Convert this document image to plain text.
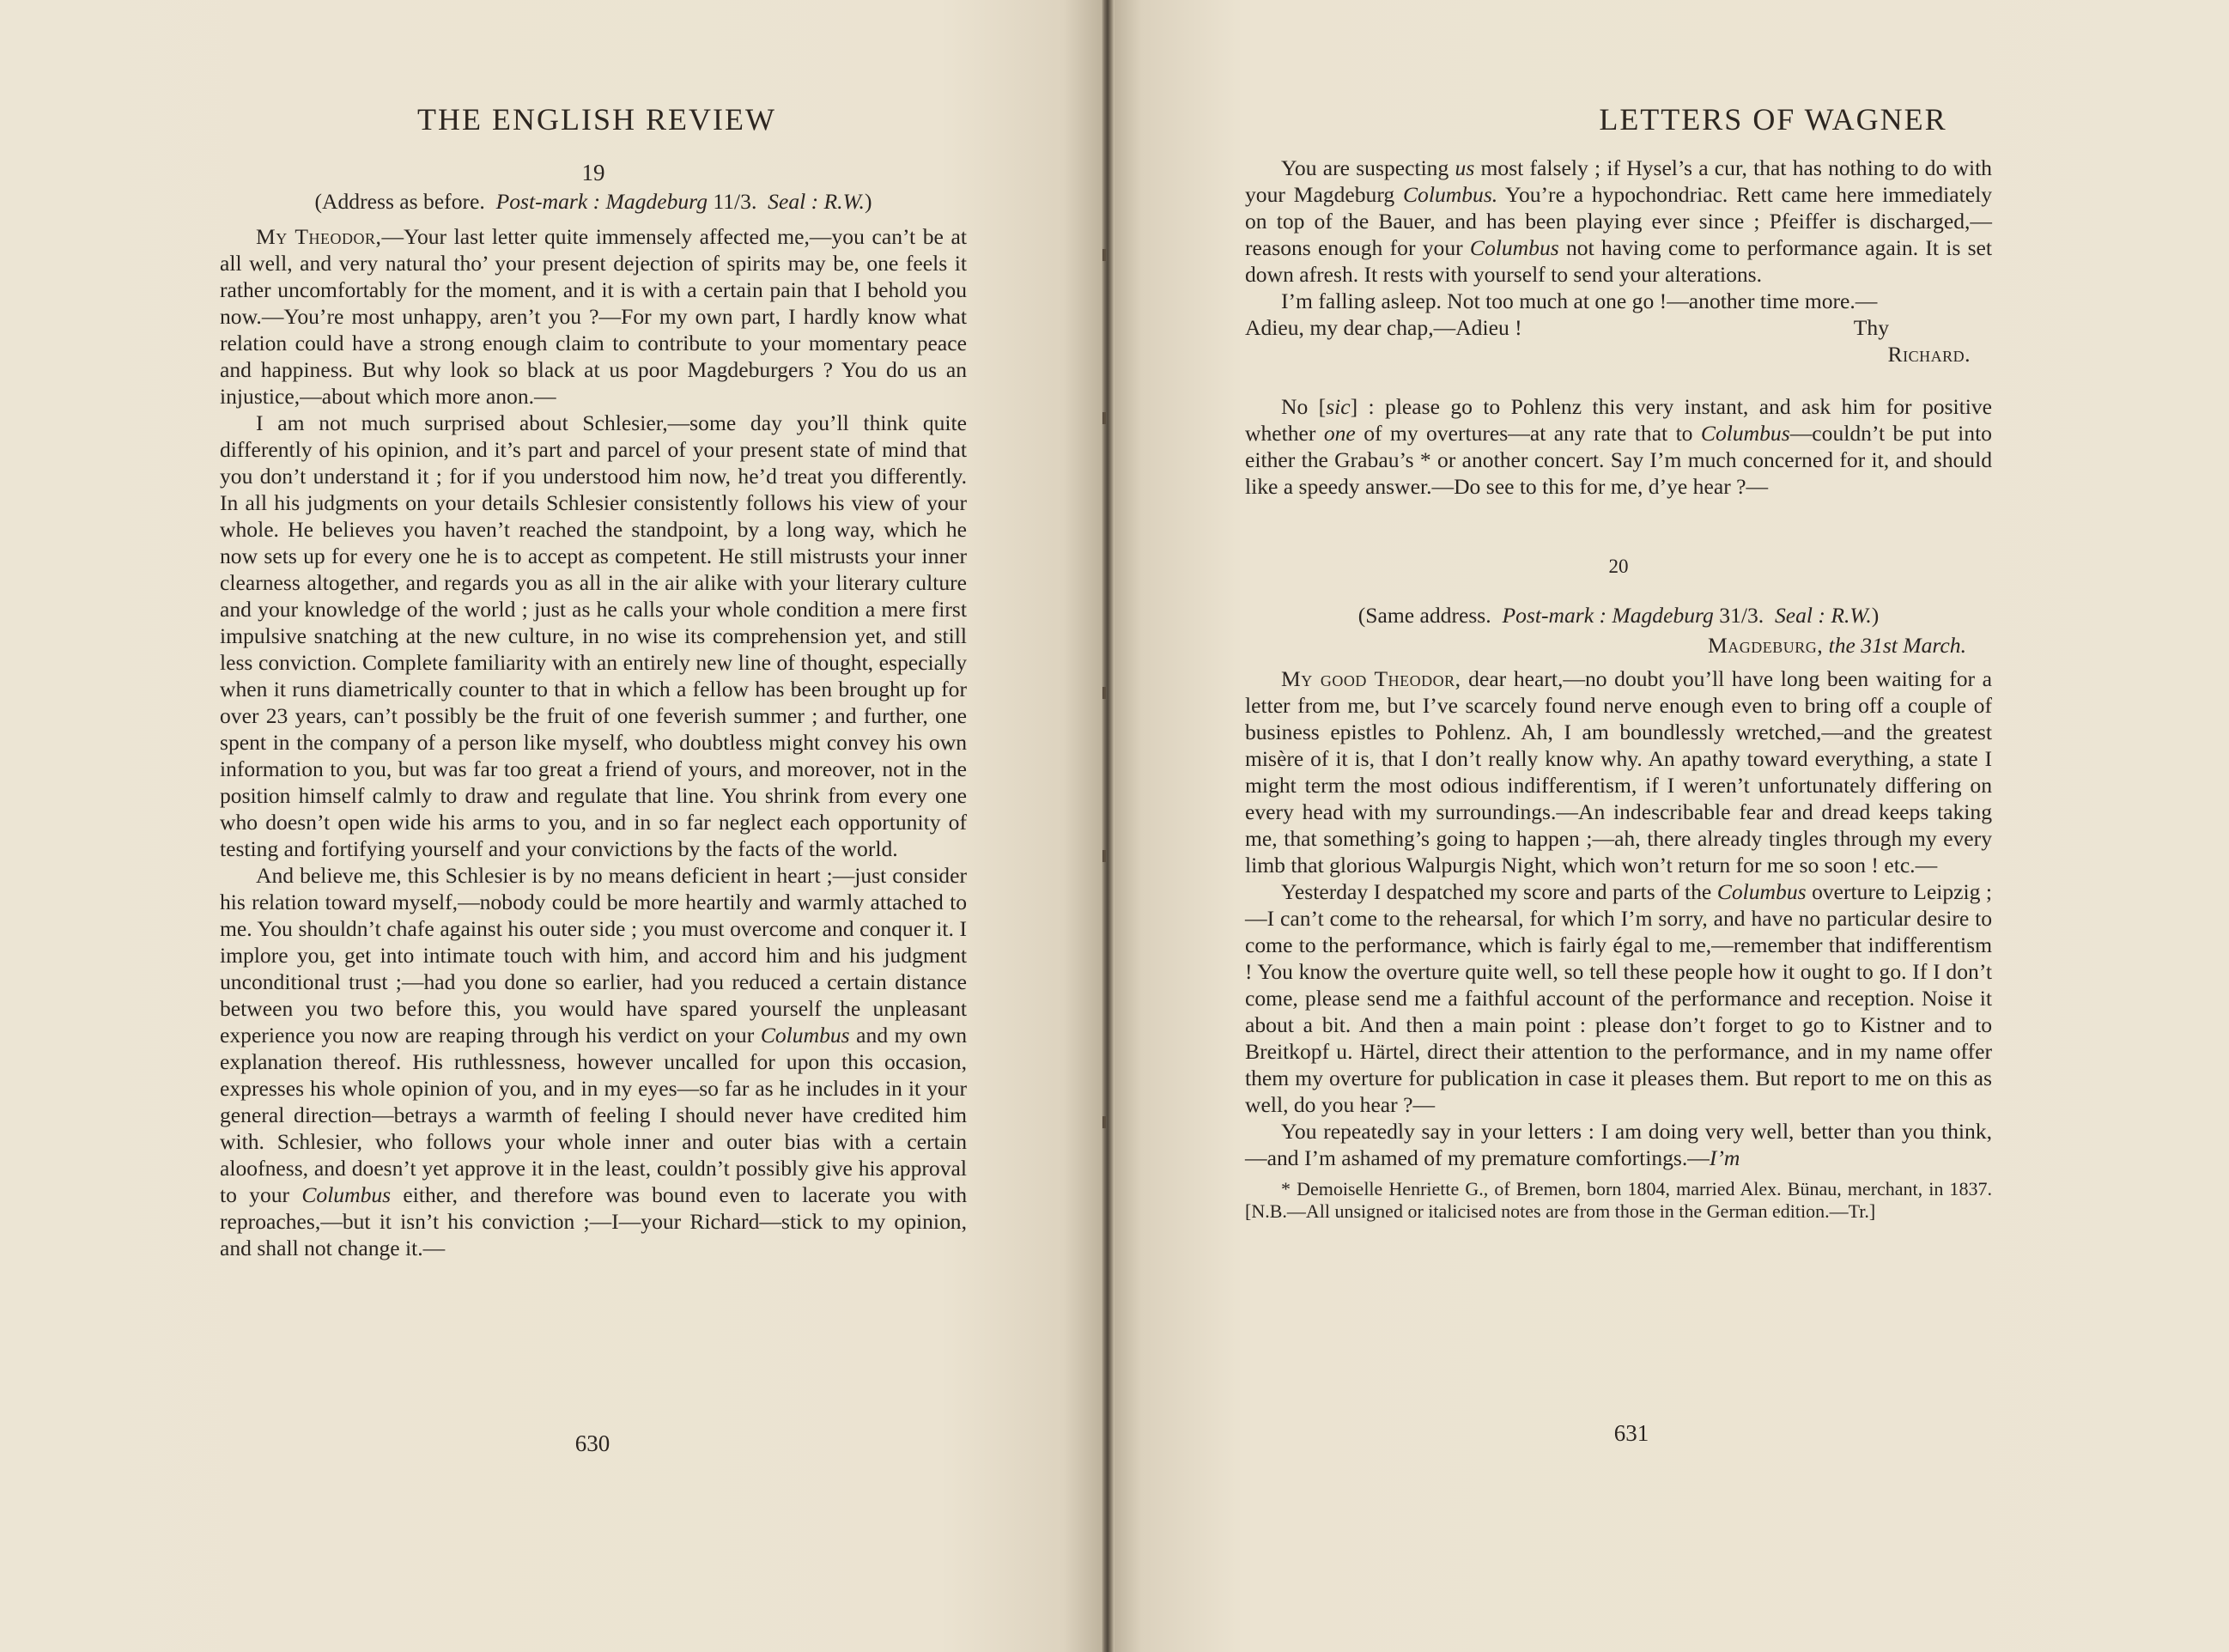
THE ENGLISH REVIEW
19
(Address as before. Post-mark : Magdeburg 11/3. Seal : R.W.)

My Theodor,—Your last letter quite immensely affected me,—you can’t be at all well, and very natural tho’ your present dejection of spirits may be, one feels it rather uncomfortably for the moment, and it is with a certain pain that I behold you now.—You’re most unhappy, aren’t you ?—For my own part, I hardly know what relation could have a strong enough claim to contribute to your momentary peace and happiness. But why look so black at us poor Magdeburgers ? You do us an injustice,—about which more anon.—

I am not much surprised about Schlesier,—some day you’ll think quite differently of his opinion, and it’s part and parcel of your present state of mind that you don’t understand it ; for if you understood him now, he’d treat you differently. In all his judgments on your details Schlesier consistently follows his view of your whole. He believes you haven’t reached the standpoint, by a long way, which he now sets up for every one he is to accept as competent. He still mistrusts your inner clearness altogether, and regards you as all in the air alike with your literary culture and your knowledge of the world ; just as he calls your whole condition a mere first impulsive snatching at the new culture, in no wise its comprehension yet, and still less conviction. Complete familiarity with an entirely new line of thought, especially when it runs diametrically counter to that in which a fellow has been brought up for over 23 years, can’t possibly be the fruit of one feverish summer ; and further, one spent in the company of a person like myself, who doubtless might convey his own information to you, but was far too great a friend of yours, and moreover, not in the position himself calmly to draw and regulate that line. You shrink from every one who doesn’t open wide his arms to you, and in so far neglect each opportunity of testing and fortifying yourself and your convictions by the facts of the world.

And believe me, this Schlesier is by no means deficient in heart ;—just consider his relation toward myself,—nobody could be more heartily and warmly attached to me. You shouldn’t chafe against his outer side ; you must overcome and conquer it. I implore you, get into intimate touch with him, and accord him and his judgment unconditional trust ;—had you done so earlier, had you reduced a certain distance between you two before this, you would have spared yourself the unpleasant experience you now are reaping through his verdict on your Columbus and my own explanation thereof. His ruthlessness, however uncalled for upon this occasion, expresses his whole opinion of you, and in my eyes—so far as he includes in it your general direction—betrays a warmth of feeling I should never have credited him with. Schlesier, who follows your whole inner and outer bias with a certain aloofness, and doesn’t yet approve it in the least, couldn’t possibly give his approval to your Columbus either, and therefore was bound even to lacerate you with reproaches,—but it isn’t his conviction ;—I—your Richard—stick to my opinion, and shall not change it.—

630
LETTERS OF WAGNER

You are suspecting us most falsely ; if Hysel’s a cur, that has nothing to do with your Magdeburg Columbus. You’re a hypochondriac. Rett came here immediately on top of the Bauer, and has been playing ever since ; Pfeiffer is discharged,—reasons enough for your Columbus not having come to performance again. It is set down afresh. It rests with yourself to send your alterations.

I’m falling asleep. Not too much at one go !—another time more.—

Adieu, my dear chap,—Adieu !	Thy
Richard.

No [sic] : please go to Pohlenz this very instant, and ask him for positive whether one of my overtures—at any rate that to Columbus—couldn’t be put into either the Grabau’s * or another concert. Say I’m much concerned for it, and should like a speedy answer.—Do see to this for me, d’ye hear ?—

20
(Same address. Post-mark : Magdeburg 31/3. Seal : R.W.)
Magdeburg, the 31st March.

My good Theodor, dear heart,—no doubt you’ll have long been waiting for a letter from me, but I’ve scarcely found nerve enough even to bring off a couple of business epistles to Pohlenz. Ah, I am boundlessly wretched,—and the greatest misère of it is, that I don’t really know why. An apathy toward everything, a state I might term the most odious indifferentism, if I weren’t unfortunately differing on every head with my surroundings.—An indescribable fear and dread keeps taking me, that something’s going to happen ;—ah, there already tingles through my every limb that glorious Walpurgis Night, which won’t return for me so soon ! etc.—

Yesterday I despatched my score and parts of the Columbus overture to Leipzig ;—I can’t come to the rehearsal, for which I’m sorry, and have no particular desire to come to the performance, which is fairly égal to me,—remember that indifferentism ! You know the overture quite well, so tell these people how it ought to go. If I don’t come, please send me a faithful account of the performance and reception. Noise it about a bit. And then a main point : please don’t forget to go to Kistner and to Breitkopf u. Härtel, direct their attention to the performance, and in my name offer them my overture for publication in case it pleases them. But report to me on this as well, do you hear ?—

You repeatedly say in your letters : I am doing very well, better than you think,—and I’m ashamed of my premature comfortings.—I’m

* Demoiselle Henriette G., of Bremen, born 1804, married Alex. Bünau, merchant, in 1837. [N.B.—All unsigned or italicised notes are from those in the German edition.—Tr.]
631
